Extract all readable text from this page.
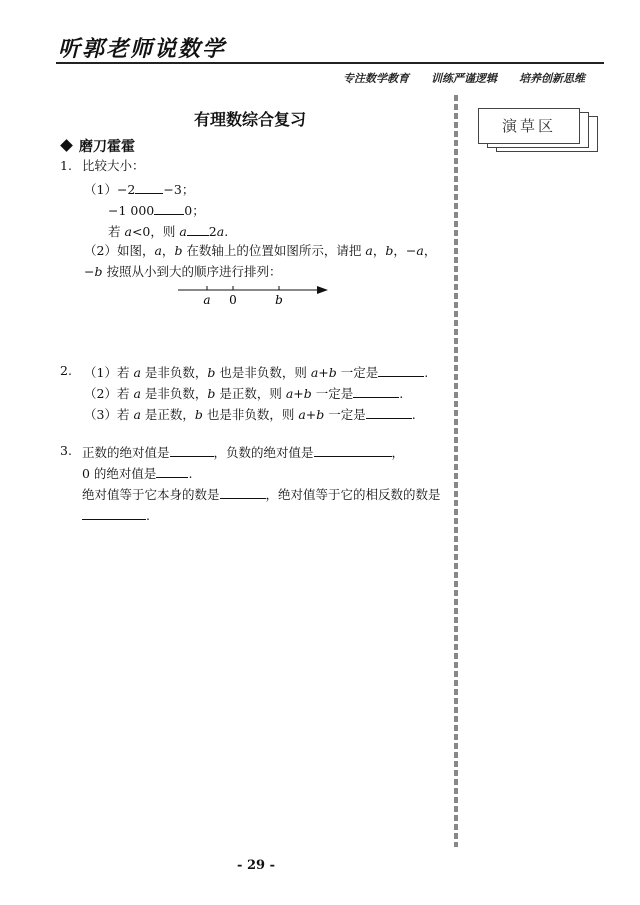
听郭老师说数学
专注数学教育 训练严谨逻辑 培养创新思维
有理数综合复习
磨刀霍霍
1. 比较大小：
（1）−2 −3；
−1 000 0；
若 a<0，则 a 2a.
（2）如图，a，b 在数轴上的位置如图所示，请把 a，b，−a，
−b 按照从小到大的顺序进行排列：
a 0	b
2. （1）若 a 是非负数，b 也是非负数，则 a+b 一定是	.
（2）若 a 是非负数，b 是正数，则 a+b 一定是	.
（3）若 a 是正数，b 也是非负数，则 a+b 一定是	.
3. 正数的绝对值是	，负数的绝对值是	，
0 的绝对值是	.
绝对值等于它本身的数是	，绝对值等于它的相反数的数是
.
演草区
- 29 -
